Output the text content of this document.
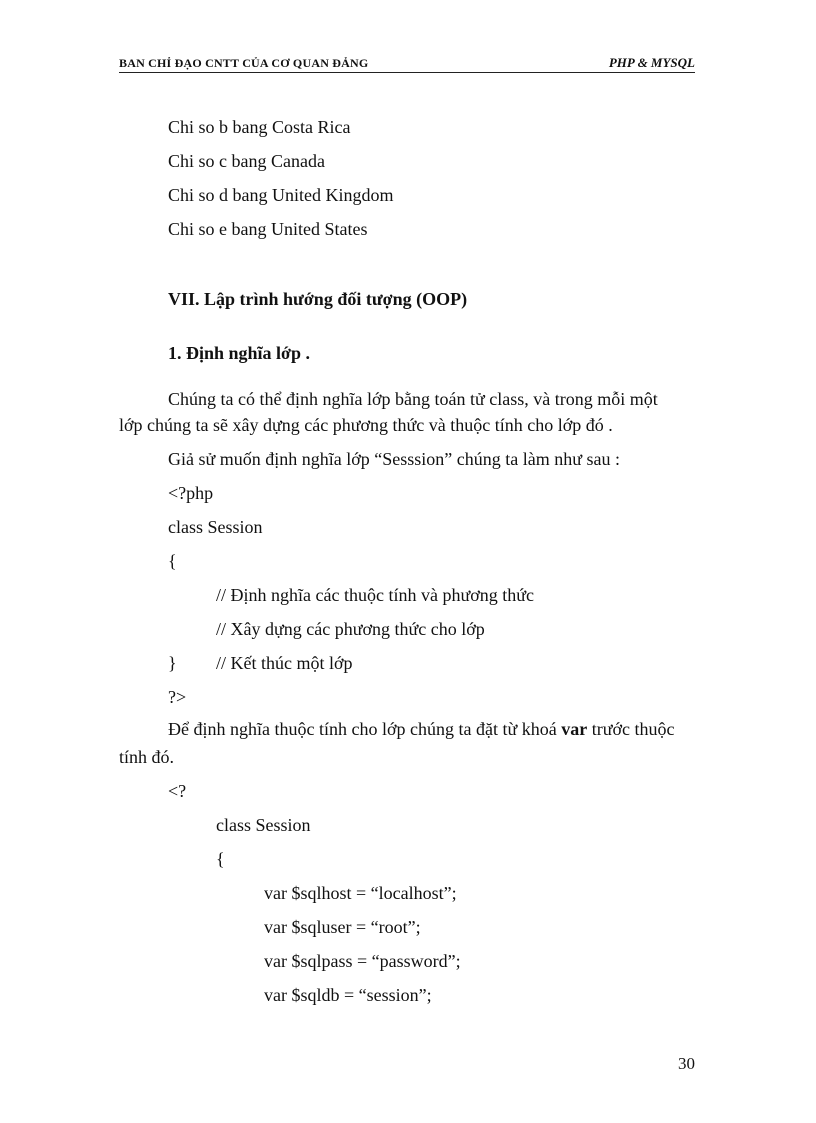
BAN CHỈ ĐẠO CNTT CỦA CƠ QUAN ĐẢNG	PHP & MYSQL
Chi so b bang Costa Rica
Chi so c bang Canada
Chi so d bang United Kingdom
Chi so e bang United States
VII. Lập trình hướng đối tượng (OOP)
1. Định nghĩa lớp .
Chúng ta có thể định nghĩa lớp bằng toán tử class, và trong mỗi một
lớp chúng ta sẽ xây dựng các phương thức và thuộc tính cho lớp đó .
Giả sử muốn định nghĩa lớp “Sesssion” chúng ta làm như sau :
<?php
class Session
{
// Định nghĩa các thuộc tính và phương thức
// Xây dựng các phương thức cho lớp
} // Kết thúc một lớp
?>
Để định nghĩa thuộc tính cho lớp chúng ta đặt từ khoá var trước thuộc
tính đó.
<?
class Session
{
var $sqlhost = “localhost”;
var $sqluser = “root”;
var $sqlpass = “password”;
var $sqldb = “session”;
30
